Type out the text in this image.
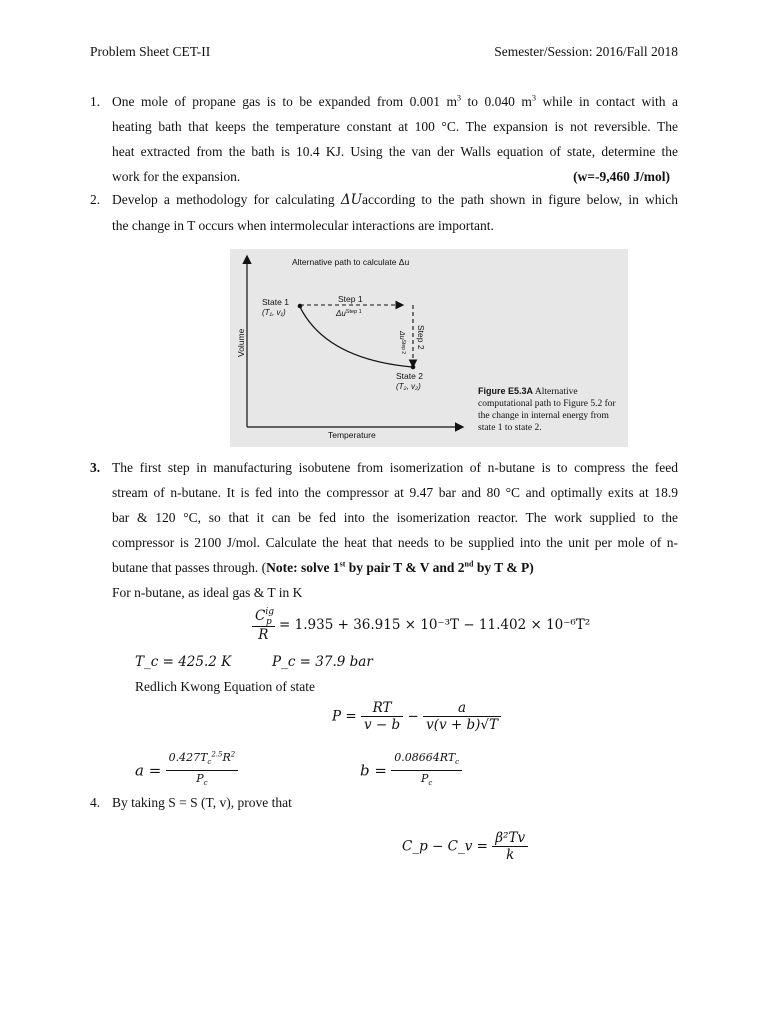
Problem Sheet CET-II	Semester/Session: 2016/Fall 2018
1. One mole of propane gas is to be expanded from 0.001 $m^3$ to 0.040 $m^3$ while in contact with a
heating bath that keeps the temperature constant at 100 °C. The expansion is not reversible. The
heat extracted from the bath is 10.4 KJ. Using the van der Walls equation of state, determine the
work for the expansion.	(w=-9,460 J/mol)
2. Develop a methodology for calculating ΔUaccording to the path shown in figure below, in which
the change in T occurs when intermolecular interactions are important.
Alternative path to calculate Δu
State 1
(T₁, v₁)
Step 1
$\Delta u^{Step 1}$
Step 2
$\Delta u^{Step 2}$
State 2
(T₂, v₂)
Volume
Temperature
Figure E5.3A Alternative computational path to Figure 5.2 for the change in internal energy from state 1 to state 2.
3. The first step in manufacturing isobutene from isomerization of n-butane is to compress the feed
stream of n-butane. It is fed into the compressor at 9.47 bar and 80 °C and optimally exits at 18.9
bar & 120 °C, so that it can be fed into the isomerization reactor. The work supplied to the
compressor is 2100 J/mol. Calculate the heat that needs to be supplied into the unit per mole of n-
butane that passes through. (Note: solve 1st by pair T & V and 2nd by T & P)
For n-butane, as ideal gas & T in K
$\frac{C^{ig}_p}{R} = 1.935 + 36.915 \times 10^{-3}T - 11.402 \times 10^{-6}T^2$
T_c = 425.2 K	P_c = 37.9 bar
Redlich Kwong Equation of state
$P = \frac{RT}{v - b} - \frac{a}{v(v + b)√T}$
$a = \frac{0.427T_c^{2.5}R^2}{P_c}$	$b = \frac{0.08664RT_c}{P_c}$
4. By taking S = S (T, v), prove that
C_p − C_v = $\frac{\text{β²Tv}}{k}$
